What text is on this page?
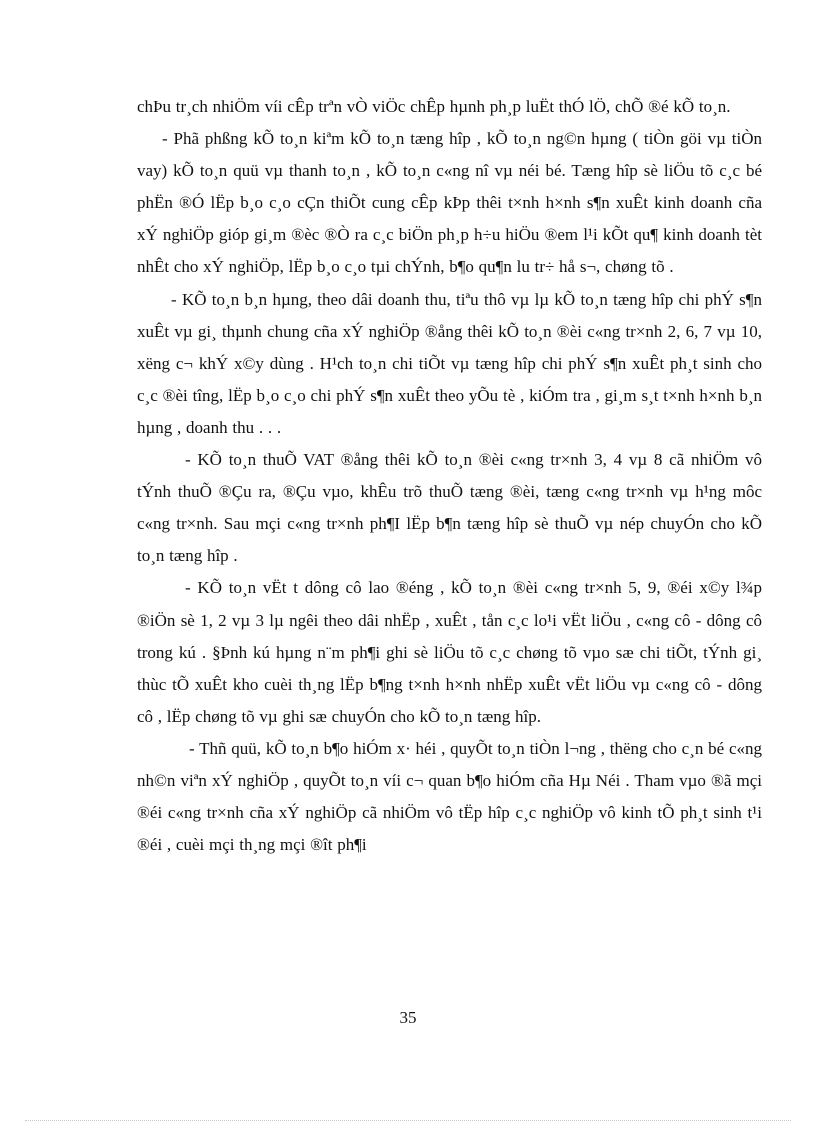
chÞu tr¸ch nhiÖm víi cÊp trªn vÒ viÖc chÊp hµnh ph¸p luËt thÓ lÖ, chÕ ®é kÕ to¸n.

- Phã phßng kÕ to¸n kiªm kÕ to¸n tæng hîp , kÕ to¸n ng©n hµng ( tiÒn göi vµ tiÒn vay) kÕ to¸n quü vµ thanh to¸n , kÕ to¸n c«ng nî vµ néi bé. Tæng hîp sè liÖu tõ c¸c bé phËn ®Ó lËp b¸o c¸o cÇn thiÕt cung cÊp kÞp thêi t×nh h×nh s¶n xuÊt kinh doanh cña xÝ nghiÖp gióp gi¸m ®èc ®Ò ra c¸c biÖn ph¸p h÷u hiÖu ®em l¹i kÕt qu¶ kinh doanh tèt nhÊt cho xÝ nghiÖp, lËp b¸o c¸o tµi chÝnh, b¶o qu¶n lu tr÷ hå s¬, chøng tõ .

- KÕ to¸n b¸n hµng, theo dâi doanh thu, tiªu thô vµ lµ kÕ to¸n tæng hîp chi phÝ s¶n xuÊt vµ gi¸ thµnh chung cña xÝ nghiÖp ®ång thêi kÕ to¸n ®èi c«ng tr×nh 2, 6, 7 vµ 10, xëng c¬ khÝ x©y dùng . H¹ch to¸n chi tiÕt vµ tæng hîp chi phÝ s¶n xuÊt ph¸t sinh cho c¸c ®èi tîng, lËp b¸o c¸o chi phÝ s¶n xuÊt theo yÕu tè , kiÓm tra , gi¸m s¸t t×nh h×nh b¸n hµng , doanh thu . . .

- KÕ to¸n thuÕ VAT ®ång thêi kÕ to¸n ®èi c«ng tr×nh 3, 4 vµ 8 cã nhiÖm vô tÝnh thuÕ ®Çu ra, ®Çu vµo, khÊu trõ thuÕ tæng ®èi, tæng c«ng tr×nh vµ h¹ng môc c«ng tr×nh. Sau mçi c«ng tr×nh ph¶I lËp b¶n tæng hîp sè thuÕ vµ nép chuyÓn cho kÕ to¸n tæng hîp .

- KÕ to¸n vËt t dông cô lao ®éng , kÕ to¸n ®èi c«ng tr×nh 5, 9, ®éi x©y l¾p ®iÖn sè 1, 2 vµ 3 lµ ngêi theo dâi nhËp , xuÊt , tån c¸c lo¹i vËt liÖu , c«ng cô - dông cô trong kú . §Þnh kú hµng n¨m ph¶i ghi sè liÖu tõ c¸c chøng tõ vµo sæ chi tiÕt, tÝnh gi¸ thùc tÕ xuÊt kho cuèi th¸ng lËp b¶ng t×nh h×nh nhËp xuÊt vËt liÖu vµ c«ng cô - dông cô , lËp chøng tõ vµ ghi sæ chuyÓn cho kÕ to¸n tæng hîp.

- Thñ quü, kÕ to¸n b¶o hiÓm x· héi , quyÕt to¸n tiÒn l¬ng , thëng cho c¸n bé c«ng nh©n viªn xÝ nghiÖp , quyÕt to¸n víi c¬ quan b¶o hiÓm cña Hµ Néi . Tham vµo ®ã mçi ®éi c«ng tr×nh cña xÝ nghiÖp cã nhiÖm vô tËp hîp c¸c nghiÖp vô kinh tÕ ph¸t sinh t¹i ®éi , cuèi mçi th¸ng mçi ®ît ph¶i

35
